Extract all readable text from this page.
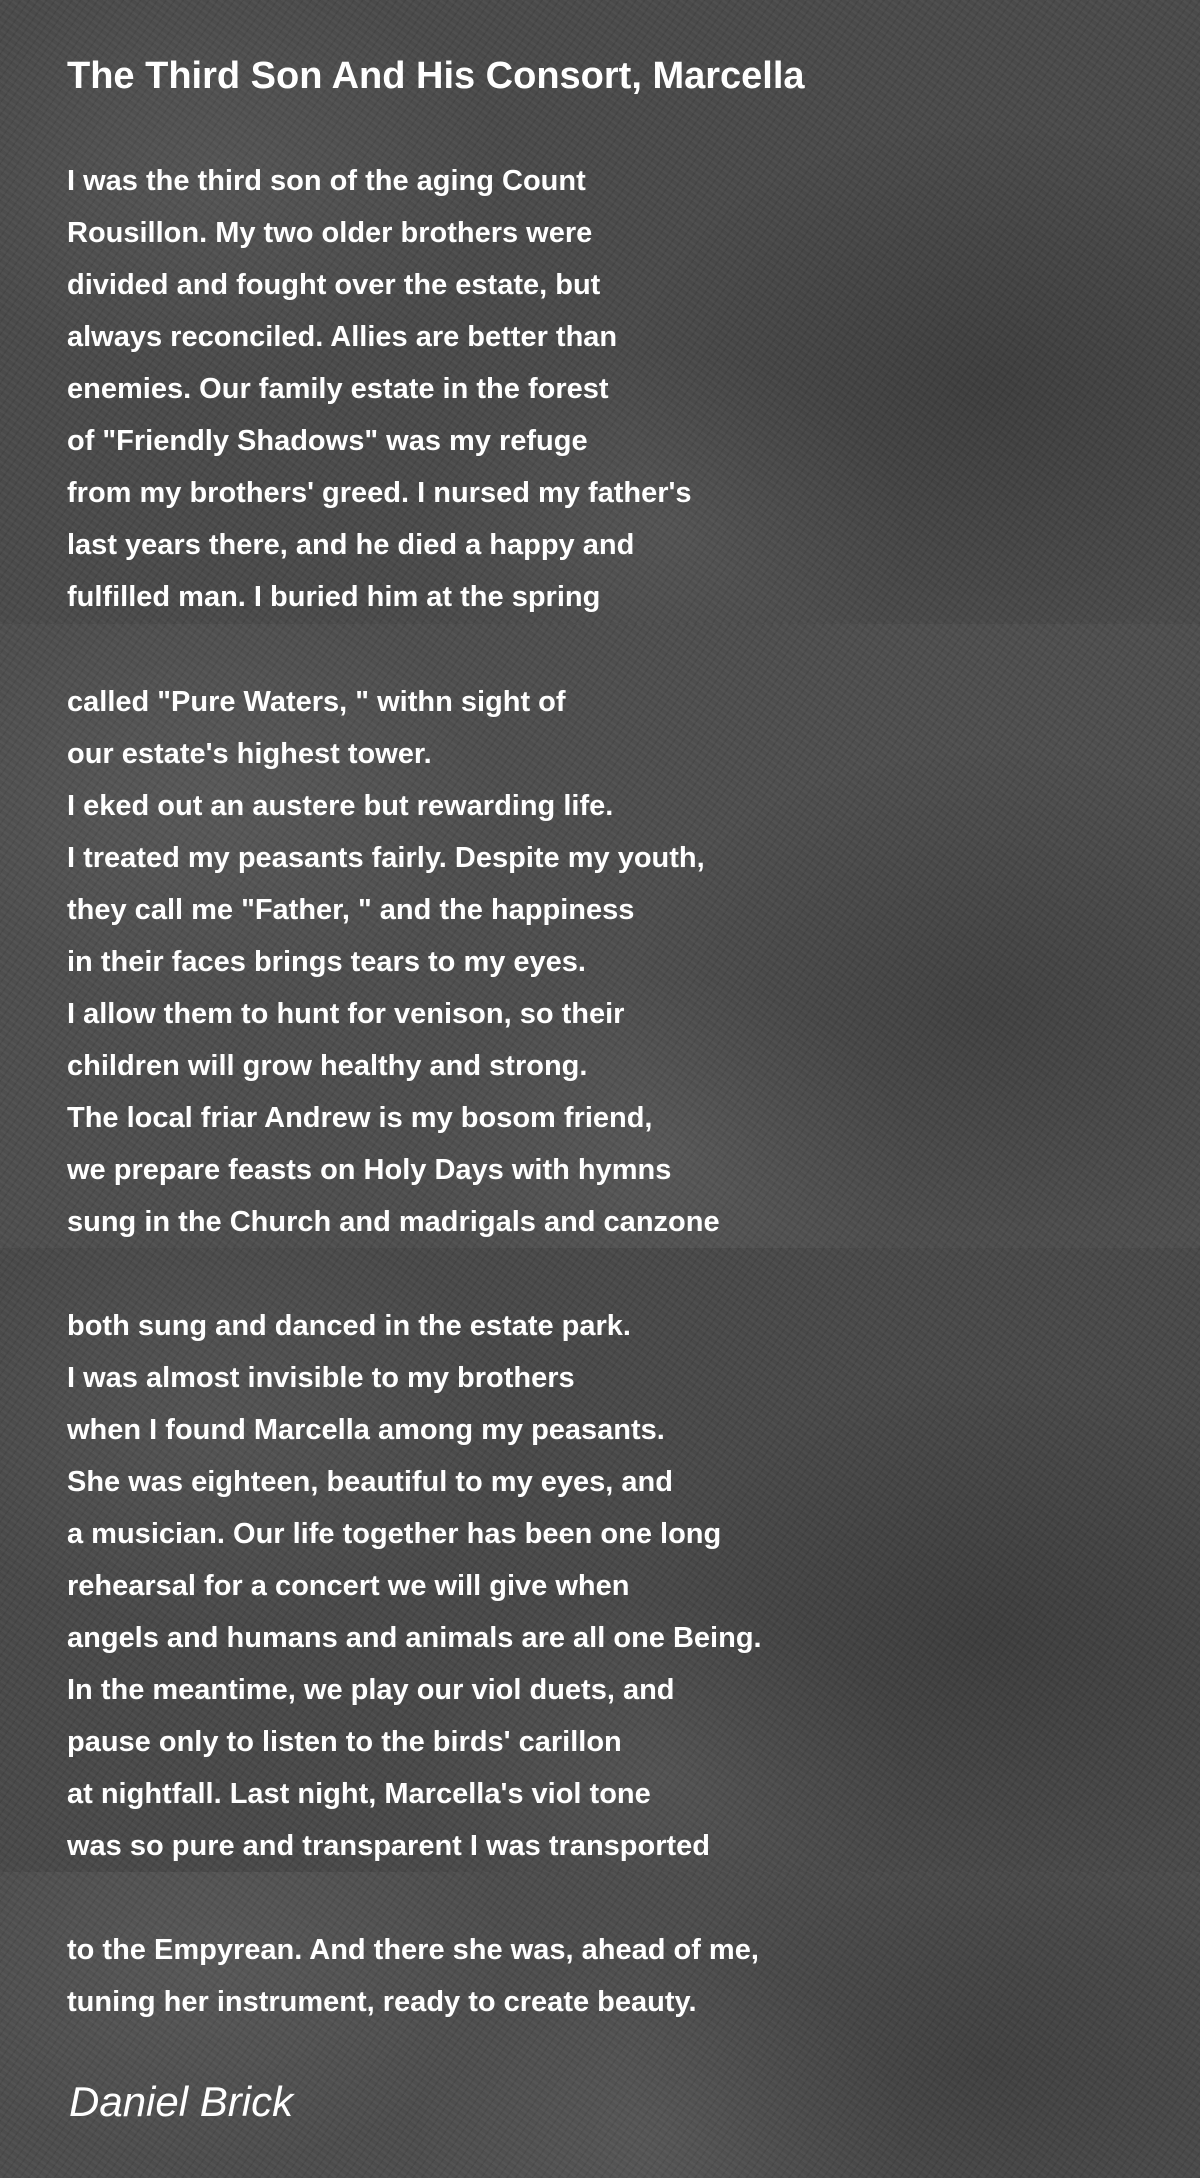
The Third Son And His Consort, Marcella
I was the third son of the aging Count
Rousillon. My two older brothers were
divided and fought over the estate, but
always reconciled. Allies are better than
enemies. Our family estate in the forest
of "Friendly Shadows" was my refuge
from my brothers' greed. I nursed my father's
last years there, and he died a happy and
fulfilled man. I buried him at the spring
called "Pure Waters, " withn sight of
our estate's highest tower.
I eked out an austere but rewarding life.
I treated my peasants fairly. Despite my youth,
they call me "Father, " and the happiness
in their faces brings tears to my eyes.
I allow them to hunt for venison, so their
children will grow healthy and strong.
The local friar Andrew is my bosom friend,
we prepare feasts on Holy Days with hymns
sung in the Church and madrigals and canzone
both sung and danced in the estate park.
I was almost invisible to my brothers
when I found Marcella among my peasants.
She was eighteen, beautiful to my eyes, and
a musician. Our life together has been one long
rehearsal for a concert we will give when
angels and humans and animals are all one Being.
In the meantime, we play our viol duets, and
pause only to listen to the birds' carillon
at nightfall. Last night, Marcella's viol tone
was so pure and transparent I was transported
to the Empyrean. And there she was, ahead of me,
tuning her instrument, ready to create beauty.

Daniel Brick
